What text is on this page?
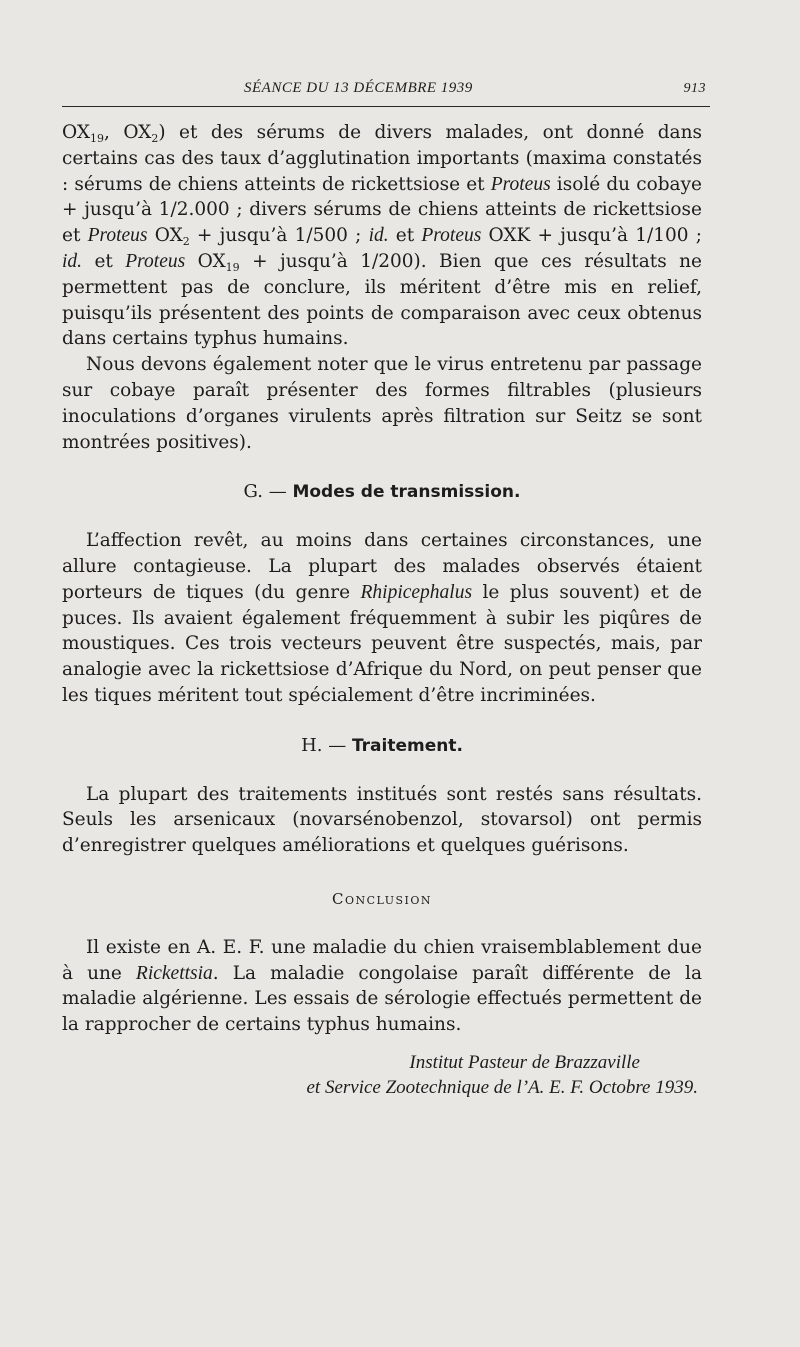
SÉANCE DU 13 DÉCEMBRE 1939	913

$OX_{19}$, $OX_2$) et des sérums de divers malades, ont donné dans certains cas des taux d’agglutination importants (maxima constatés : sérums de chiens atteints de rickettsiose et Proteus isolé du cobaye + jusqu’à 1/2.000 ; divers sérums de chiens atteints de rickettsiose et Proteus $OX_2$ + jusqu’à 1/500 ; id. et Proteus OXK + jusqu’à 1/100 ; id. et Proteus $OX_{19}$ + jusqu’à 1/200). Bien que ces résultats ne permettent pas de conclure, ils méritent d’être mis en relief, puisqu’ils présentent des points de comparaison avec ceux obtenus dans certains typhus humains.

Nous devons également noter que le virus entretenu par passage sur cobaye paraît présenter des formes filtrables (plusieurs inoculations d’organes virulents après filtration sur Seitz se sont montrées positives).

G. — Modes de transmission.

L’affection revêt, au moins dans certaines circonstances, une allure contagieuse. La plupart des malades observés étaient porteurs de tiques (du genre Rhipicephalus le plus souvent) et de puces. Ils avaient également fréquemment à subir les piqûres de moustiques. Ces trois vecteurs peuvent être suspectés, mais, par analogie avec la rickettsiose d’Afrique du Nord, on peut penser que les tiques méritent tout spécialement d’être incriminées.

H. — Traitement.

La plupart des traitements institués sont restés sans résultats. Seuls les arsenicaux (novarsénobenzol, stovarsol) ont permis d’enregistrer quelques améliorations et quelques guérisons.

Conclusion

Il existe en A. E. F. une maladie du chien vraisemblablement due à une Rickettsia. La maladie congolaise paraît différente de la maladie algérienne. Les essais de sérologie effectués permettent de la rapprocher de certains typhus humains.

Institut Pasteur de Brazzaville
et Service Zootechnique de l’A. E. F. Octobre 1939.
